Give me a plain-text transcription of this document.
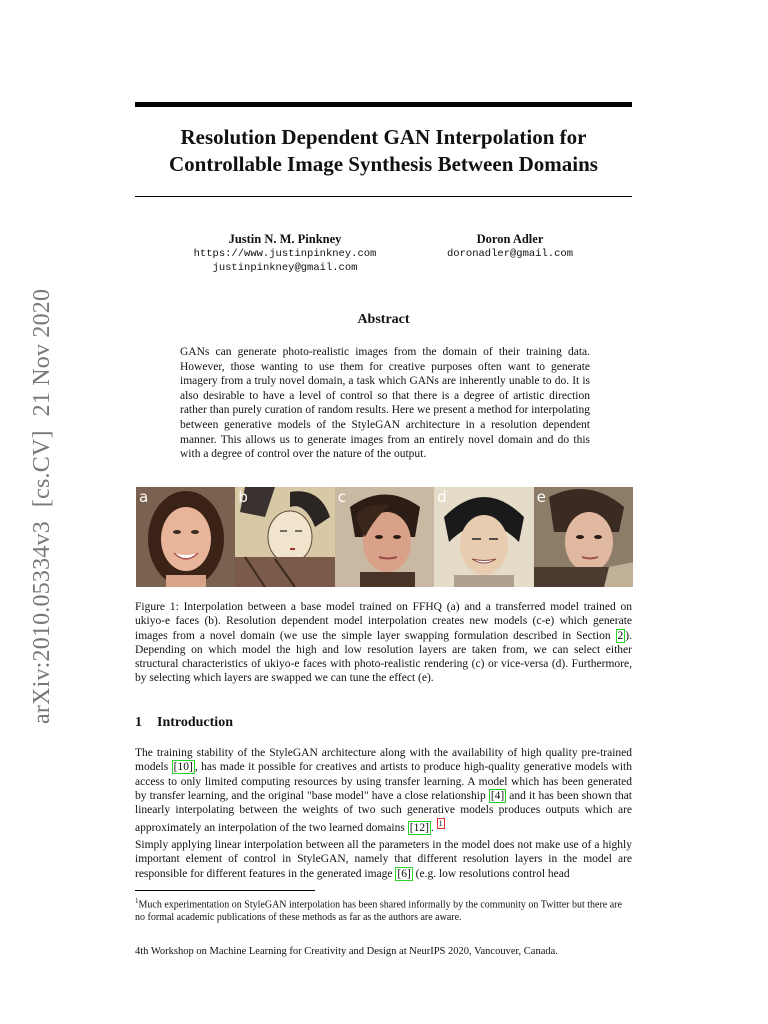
arXiv:2010.05334v3[cs.CV]21 Nov 2020
Resolution Dependent GAN Interpolation for
Controllable Image Synthesis Between Domains
Justin N. M. Pinkney
https://www.justinpinkney.com
justinpinkney@gmail.com
Doron Adler
doronadler@gmail.com
Abstract
GANs can generate photo-realistic images from the domain of their training data. However, those wanting to use them for creative purposes often want to generate imagery from a truly novel domain, a task which GANs are inherently unable to do. It is also desirable to have a level of control so that there is a degree of artistic direction rather than purely curation of random results. Here we present a method for interpolating between generative models of the StyleGAN architecture in a resolution dependent manner. This allows us to generate images from an entirely novel domain and do this with a degree of control over the nature of the output.
a	b	c	d	e
Figure 1: Interpolation between a base model trained on FFHQ (a) and a transferred model trained on ukiyo-e faces (b). Resolution dependent model interpolation creates new models (c-e) which generate images from a novel domain (we use the simple layer swapping formulation described in Section 2 ). Depending on which model the high and low resolution layers are taken from, we can select either structural characteristics of ukiyo-e faces with photo-realistic rendering (c) or vice-versa (d). Furthermore, by selecting which layers are swapped we can tune the effect (e).
1 Introduction
The training stability of the StyleGAN architecture along with the availability of high quality pre-trained models [10] , has made it possible for creatives and artists to produce high-quality generative models with access to only limited computing resources by using transfer learning. A model which has been generated by transfer learning, and the original "base model" have a close relationship [4] and it has been shown that linearly interpolating between the weights of two such generative models produces outputs which are approximately an interpolation of the two learned domains [12] . $^1$
Simply applying linear interpolation between all the parameters in the model does not make use of a highly important element of control in StyleGAN, namely that different resolution layers in the model are responsible for different features in the generated image [6] (e.g. low resolutions control head
$^1$Much experimentation on StyleGAN interpolation has been shared informally by the community on Twitter but there are no formal academic publications of these methods as far as the authors are aware.
4th Workshop on Machine Learning for Creativity and Design at NeurIPS 2020, Vancouver, Canada.
